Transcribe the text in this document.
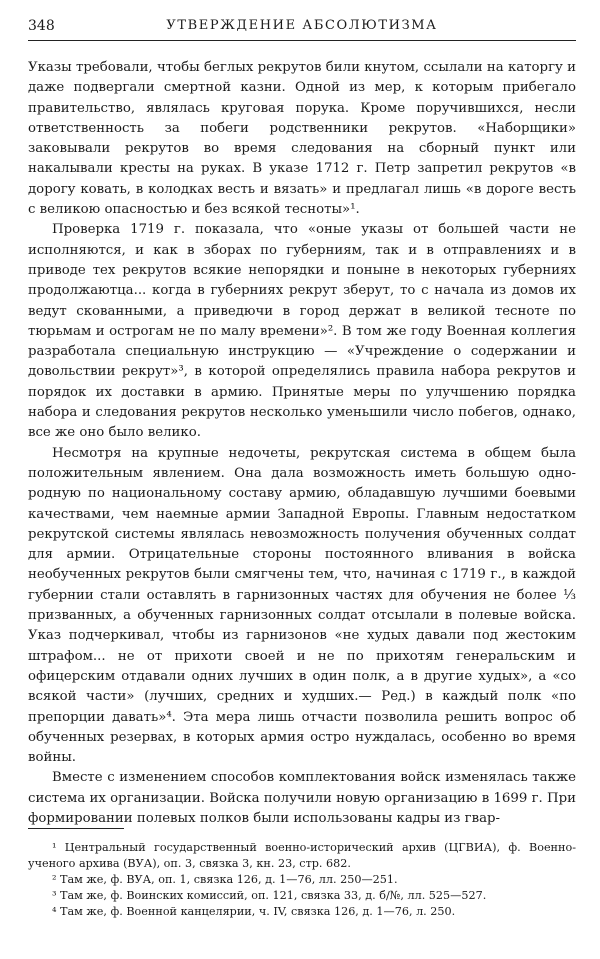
348	УТВЕРЖДЕНИЕ АБСОЛЮТИЗМА

Указы требовали, чтобы беглых рекрутов били кнутом, ссылали на каторгу и даже подвергали смертной казни. Одной из мер, к которым прибегало правительство, являлась круговая порука. Кроме поручившихся, несли ответственность за побеги родственники рекрутов. «Наборщики» заковывали рекрутов во время следования на сборный пункт или накалывали кресты на руках. В указе 1712 г. Петр запретил рекрутов «в дорогу ковать, в колодках весть и вязать» и предлагал лишь «в дороге весть с великою опасностью и без всякой тесноты»¹.

Проверка 1719 г. показала, что «оные указы от большей части не исполняются, и как в зборах по губерниям, так и в отправлениях и в приводе тех рекрутов всякие непорядки и поныне в некоторых губерниях продолжаютца... когда в губерниях рекрут зберут, то с начала из домов их ведут скованными, а приведючи в город держат в великой тесноте по тюрьмам и острогам не по малу времени»². В том же году Военная коллегия разработала специальную инструкцию — «Учреждение о содержании и довольствии рекрут»³, в которой определялись правила набора рекрутов и порядок их доставки в армию. Принятые меры по улучшению порядка набора и следования рекрутов несколько уменьшили число побегов, однако, все же оно было велико.

Несмотря на крупные недочеты, рекрутская система в общем была положительным явлением. Она дала возможность иметь большую одно-родную по национальному составу армию, обладавшую лучшими боевыми качествами, чем наемные армии Западной Европы. Главным недостатком рекрутской системы являлась невозможность получения обученных солдат для армии. Отрицательные стороны постоянного вливания в войска необученных рекрутов были смягчены тем, что, начиная с 1719 г., в каждой губернии стали оставлять в гарнизонных частях для обучения не более ⅓ призванных, а обученных гарнизонных солдат отсылали в полевые войска. Указ подчеркивал, чтобы из гарнизонов «не худых давали под жестоким штрафом... не от прихоти своей и не по прихотям генеральским и офицерским отдавали одних лучших в один полк, а в другие худых», а «со всякой части» (лучших, средних и худших.— Ред.) в каждый полк «по препорции давать»⁴. Эта мера лишь отчасти позволила решить вопрос об обученных резервах, в которых армия остро нуждалась, особенно во время войны.

Вместе с изменением способов комплектования войск изменялась также система их организации. Войска получили новую организацию в 1699 г. При формировании полевых полков были использованы кадры из гвар-

¹ Центральный государственный военно-исторический архив (ЦГВИА), ф. Военно-ученого архива (ВУА), оп. 3, связка 3, кн. 23, стр. 682.

² Там же, ф. ВУА, оп. 1, связка 126, д. 1—76, лл. 250—251.

³ Там же, ф. Воинских комиссий, оп. 121, связка 33, д. б/№, лл. 525—527.

⁴ Там же, ф. Военной канцелярии, ч. IV, связка 126, д. 1—76, л. 250.
